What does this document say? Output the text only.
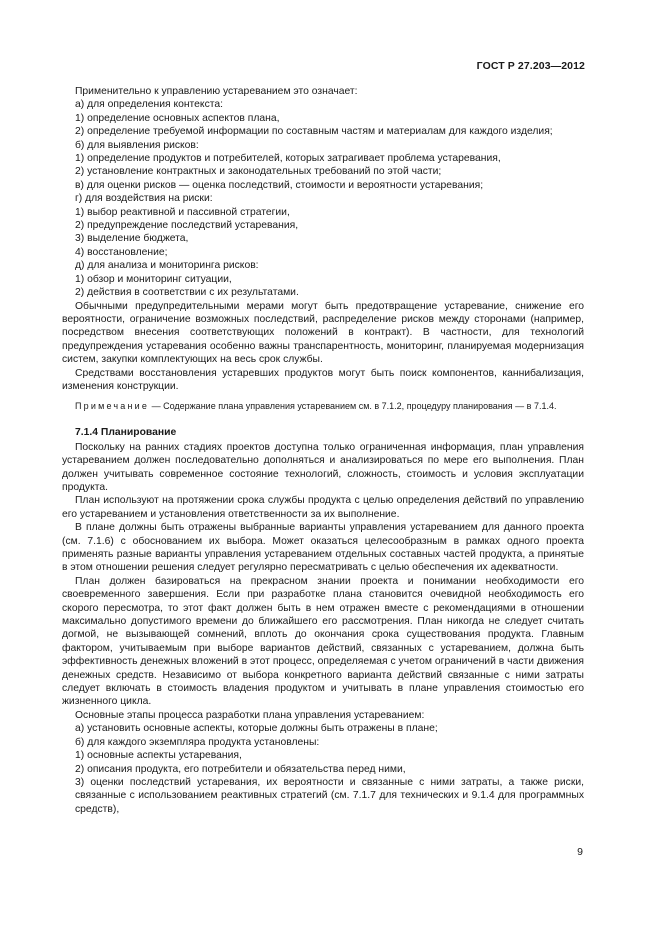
ГОСТ Р 27.203—2012
Применительно к управлению устареванием это означает:
а) для определения контекста:
1) определение основных аспектов плана,
2) определение требуемой информации по составным частям и материалам для каждого изделия;
б) для выявления рисков:
1) определение продуктов и потребителей, которых затрагивает проблема устаревания,
2) установление контрактных и законодательных требований по этой части;
в) для оценки рисков — оценка последствий, стоимости и вероятности устаревания;
г) для воздействия на риски:
1) выбор реактивной и пассивной стратегии,
2) предупреждение последствий устаревания,
3) выделение бюджета,
4) восстановление;
д) для анализа и мониторинга рисков:
1) обзор и мониторинг ситуации,
2) действия в соответствии с их результатами.
Обычными предупредительными мерами могут быть предотвращение устаревание, снижение его вероятности, ограничение возможных последствий, распределение рисков между сторонами (например, посредством внесения соответствующих положений в контракт). В частности, для технологий предупреждения устаревания особенно важны транспарентность, мониторинг, планируемая модернизация систем, закупки комплектующих на весь срок службы.
Средствами восстановления устаревших продуктов могут быть поиск компонентов, каннибализация, изменения конструкции.
Примечание — Содержание плана управления устареванием см. в 7.1.2, процедуру планирования — в 7.1.4.
7.1.4 Планирование
Поскольку на ранних стадиях проектов доступна только ограниченная информация, план управления устареванием должен последовательно дополняться и анализироваться по мере его выполнения. План должен учитывать современное состояние технологий, сложность, стоимость и условия эксплуатации продукта.
План используют на протяжении срока службы продукта с целью определения действий по управлению его устареванием и установления ответственности за их выполнение.
В плане должны быть отражены выбранные варианты управления устареванием для данного проекта (см. 7.1.6) с обоснованием их выбора. Может оказаться целесообразным в рамках одного проекта применять разные варианты управления устареванием отдельных составных частей продукта, а принятые в этом отношении решения следует регулярно пересматривать с целью обеспечения их адекватности.
План должен базироваться на прекрасном знании проекта и понимании необходимости его своевременного завершения. Если при разработке плана становится очевидной необходимость его скорого пересмотра, то этот факт должен быть в нем отражен вместе с рекомендациями в отношении максимально допустимого времени до ближайшего его рассмотрения. План никогда не следует считать догмой, не вызывающей сомнений, вплоть до окончания срока существования продукта. Главным фактором, учитываемым при выборе вариантов действий, связанных с устареванием, должна быть эффективность денежных вложений в этот процесс, определяемая с учетом ограничений в части движения денежных средств. Независимо от выбора конкретного варианта действий связанные с ними затраты следует включать в стоимость владения продуктом и учитывать в плане управления стоимостью его жизненного цикла.
Основные этапы процесса разработки плана управления устареванием:
а) установить основные аспекты, которые должны быть отражены в плане;
б) для каждого экземпляра продукта установлены:
1) основные аспекты устаревания,
2) описания продукта, его потребители и обязательства перед ними,
3) оценки последствий устаревания, их вероятности и связанные с ними затраты, а также риски, связанные с использованием реактивных стратегий (см. 7.1.7 для технических и 9.1.4 для программных средств),
9
